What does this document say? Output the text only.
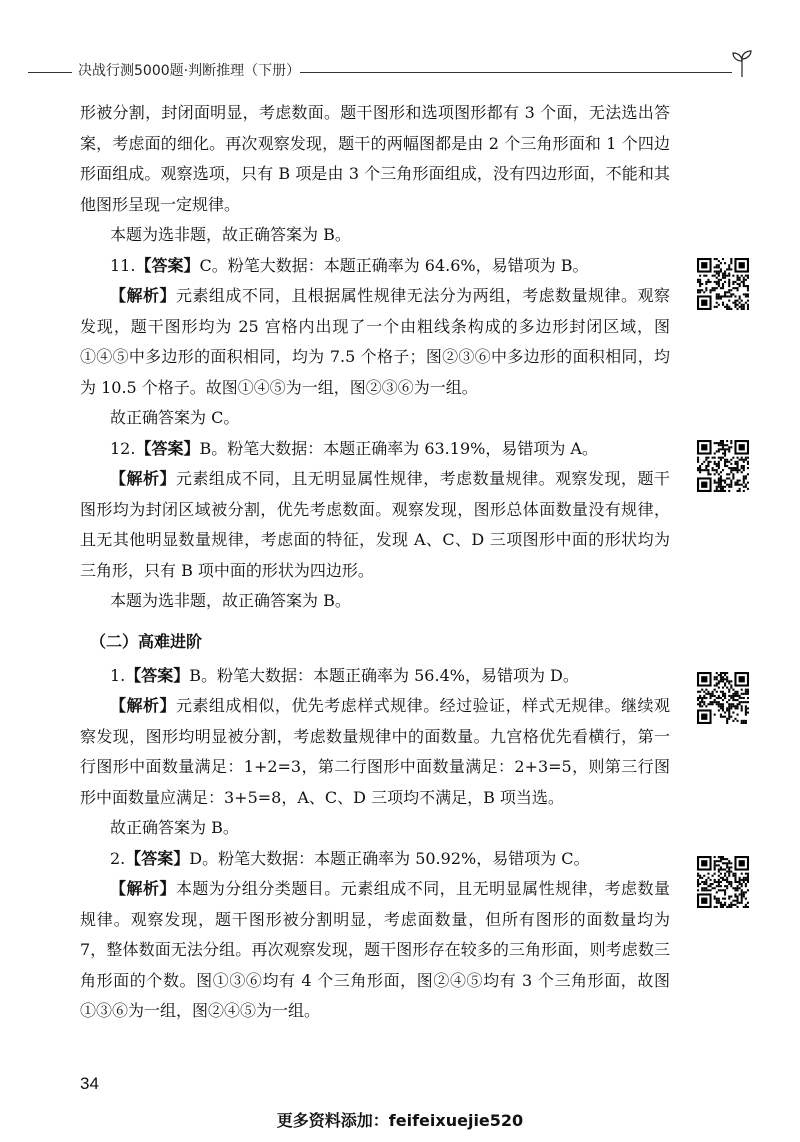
决战行测5000题·判断推理（下册）

形被分割，封闭面明显，考虑数面。题干图形和选项图形都有 3 个面，无法选出答案，考虑面的细化。再次观察发现，题干的两幅图都是由 2 个三角形面和 1 个四边形面组成。观察选项，只有 B 项是由 3 个三角形面组成，没有四边形面，不能和其他图形呈现一定规律。

本题为选非题，故正确答案为 B。

11.【答案】C。粉笔大数据：本题正确率为 64.6%，易错项为 B。

【解析】元素组成不同，且根据属性规律无法分为两组，考虑数量规律。观察发现，题干图形均为 25 宫格内出现了一个由粗线条构成的多边形封闭区域，图①④⑤中多边形的面积相同，均为 7.5 个格子；图②③⑥中多边形的面积相同，均为 10.5 个格子。故图①④⑤为一组，图②③⑥为一组。

故正确答案为 C。

12.【答案】B。粉笔大数据：本题正确率为 63.19%，易错项为 A。

【解析】元素组成不同，且无明显属性规律，考虑数量规律。观察发现，题干图形均为封闭区域被分割，优先考虑数面。观察发现，图形总体面数量没有规律，且无其他明显数量规律，考虑面的特征，发现 A、C、D 三项图形中面的形状均为三角形，只有 B 项中面的形状为四边形。

本题为选非题，故正确答案为 B。

（二）高难进阶

1.【答案】B。粉笔大数据：本题正确率为 56.4%，易错项为 D。

【解析】元素组成相似，优先考虑样式规律。经过验证，样式无规律。继续观察发现，图形均明显被分割，考虑数量规律中的面数量。九宫格优先看横行，第一行图形中面数量满足：1+2=3，第二行图形中面数量满足：2+3=5，则第三行图形中面数量应满足：3+5=8，A、C、D 三项均不满足，B 项当选。

故正确答案为 B。

2.【答案】D。粉笔大数据：本题正确率为 50.92%，易错项为 C。

【解析】本题为分组分类题目。元素组成不同，且无明显属性规律，考虑数量规律。观察发现，题干图形被分割明显，考虑面数量，但所有图形的面数量均为 7，整体数面无法分组。再次观察发现，题干图形存在较多的三角形面，则考虑数三角形面的个数。图①③⑥均有 4 个三角形面，图②④⑤均有 3 个三角形面，故图①③⑥为一组，图②④⑤为一组。

34
更多资料添加：feifeixuejie520
